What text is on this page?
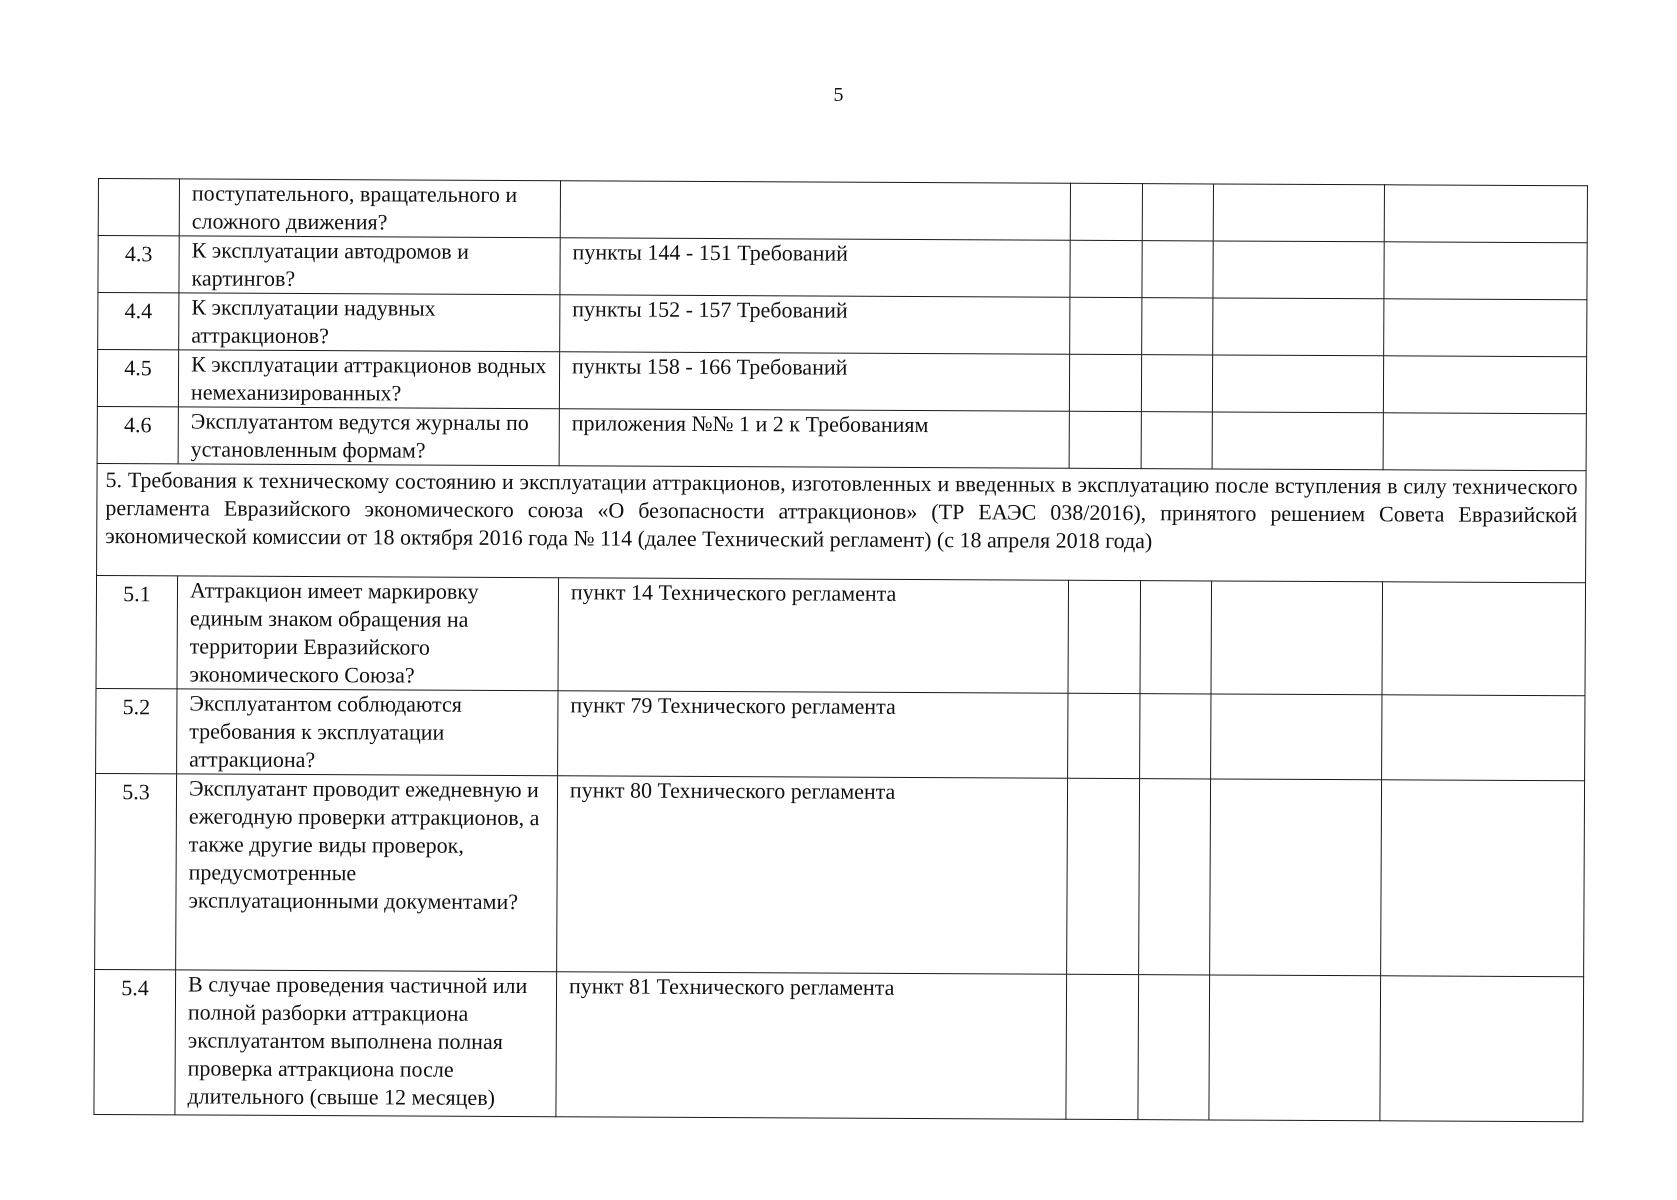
5
	поступательного, вращательного и сложного движения?					
4.3	К эксплуатации автодромов и картингов?	пункты 144 - 151 Требований				
4.4	К эксплуатации надувных аттракционов?	пункты 152 - 157 Требований				
4.5	К эксплуатации аттракционов водных немеханизированных?	пункты 158 - 166 Требований				
4.6	Эксплуатантом ведутся журналы по установленным формам?	приложения №№ 1 и 2 к Требованиям				
5. Требования к техническому состоянию и эксплуатации аттракционов, изготовленных и введенных в эксплуатацию после вступления в силу технического регламента Евразийского экономического союза «О безопасности аттракционов» (ТР ЕАЭС 038/2016), принятого решением Совета Евразийской экономической комиссии от 18 октября 2016 года № 114 (далее Технический регламент) (с 18 апреля 2018 года)						
5.1	Аттракцион имеет маркировку единым знаком обращения на территории Евразийского экономического Союза?	пункт 14 Технического регламента				
5.2	Эксплуатантом соблюдаются требования к эксплуатации аттракциона?	пункт 79 Технического регламента				
5.3	Эксплуатант проводит ежедневную и ежегодную проверки аттракционов, а также другие виды проверок, предусмотренные эксплуатационными документами?	пункт 80 Технического регламента				
5.4	В случае проведения частичной или полной разборки аттракциона эксплуатантом выполнена полная проверка аттракциона после длительного (свыше 12 месяцев)	пункт 81 Технического регламента				
